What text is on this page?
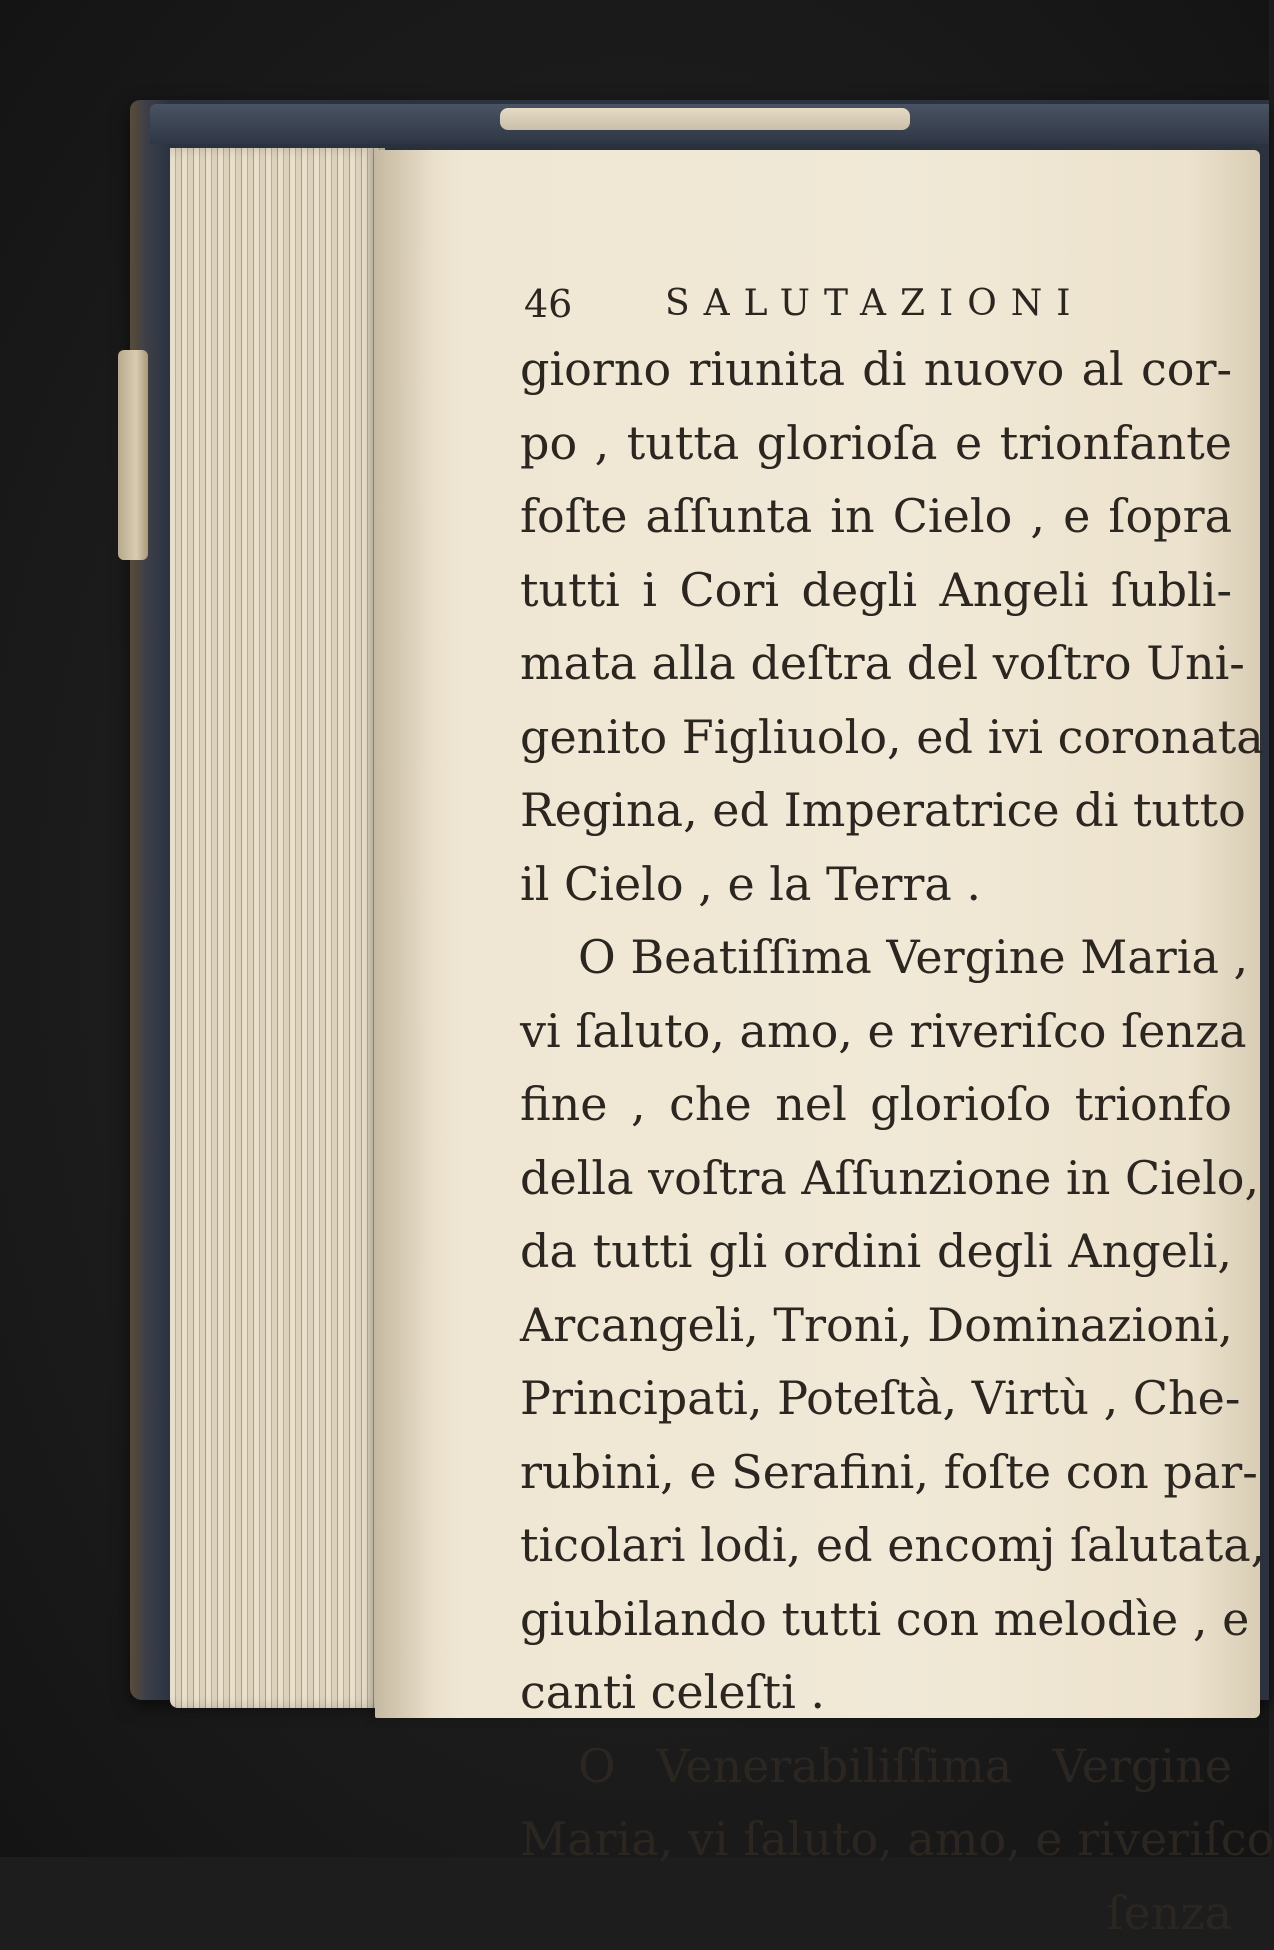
46	SALUTAZIONI
giorno riunita di nuovo al cor-
po , tutta glorioſa e trionfante
foſte aſſunta in Cielo , e ſopra
tutti i Cori degli Angeli ſubli-
mata alla deſtra del voſtro Uni-
genito Figliuolo, ed ivi coronata
Regina, ed Imperatrice di tutto
il Cielo , e la Terra .
O Beatiſſima Vergine Maria ,
vi ſaluto, amo, e riveriſco ſenza
fine , che nel glorioſo trionfo
della voſtra Aſſunzione in Cielo,
da tutti gli ordini degli Angeli,
Arcangeli, Troni, Dominazioni,
Principati, Poteſtà, Virtù , Che-
rubini, e Serafini, foſte con par-
ticolari lodi, ed encomj ſalutata,
giubilando tutti con melodìe , e
canti celeſti .
O Venerabiliſſima Vergine
Maria, vi ſaluto, amo, e riveriſco
ſenza
